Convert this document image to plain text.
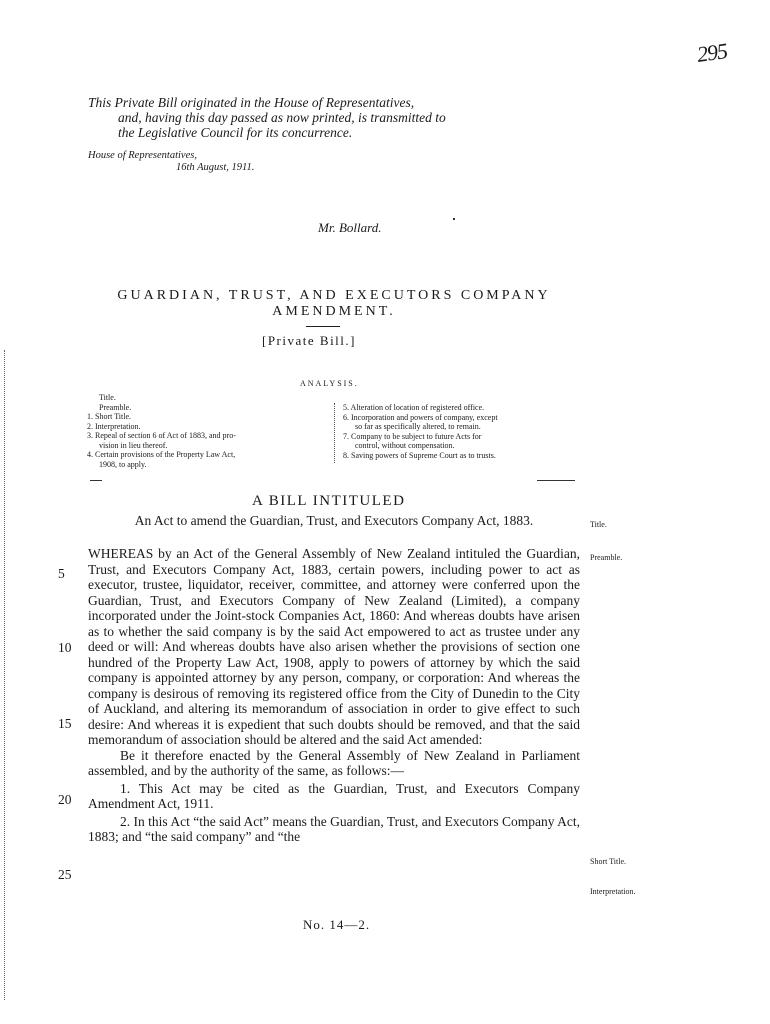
295
This Private Bill originated in the House of Representatives,
and, having this day passed as now printed, is transmitted to
the Legislative Council for its concurrence.
House of Representatives,
16th August, 1911.
Mr. Bollard.
GUARDIAN, TRUST, AND EXECUTORS COMPANY AMENDMENT.
[Private Bill.]
ANALYSIS.
Title.
Preamble.
1. Short Title.
2. Interpretation.
3. Repeal of section 6 of Act of 1883, and pro-
vision in lieu thereof.
4. Certain provisions of the Property Law Act,
1908, to apply.
5. Alteration of location of registered office.
6. Incorporation and powers of company, except
so far as specifically altered, to remain.
7. Company to be subject to future Acts for
control, without compensation.
8. Saving powers of Supreme Court as to trusts.
A BILL INTITULED
An Act to amend the Guardian, Trust, and Executors Company Act, 1883.

WHEREAS by an Act of the General Assembly of New Zealand intituled the Guardian, Trust, and Executors Company Act, 1883, certain powers, including power to act as executor, trustee, liquidator, receiver, committee, and attorney were conferred upon the Guardian, Trust, and Executors Company of New Zealand (Limited), a company incorporated under the Joint-stock Companies Act, 1860: And whereas doubts have arisen as to whether the said company is by the said Act empowered to act as trustee under any deed or will: And whereas doubts have also arisen whether the provisions of section one hundred of the Property Law Act, 1908, apply to powers of attorney by which the said company is appointed attorney by any person, company, or corporation: And whereas the company is desirous of removing its registered office from the City of Dunedin to the City of Auckland, and altering its memorandum of association in order to give effect to such desire: And whereas it is expedient that such doubts should be removed, and that the said memorandum of association should be altered and the said Act amended:

Be it therefore enacted by the General Assembly of New Zealand in Parliament assembled, and by the authority of the same, as follows:—

1. This Act may be cited as the Guardian, Trust, and Executors Company Amendment Act, 1911.

2. In this Act “the said Act” means the Guardian, Trust, and Executors Company Act, 1883; and “the said company” and “the

5
10
15
20
25
Title.
Preamble.
Short Title.
Interpretation.
No. 14—2.
